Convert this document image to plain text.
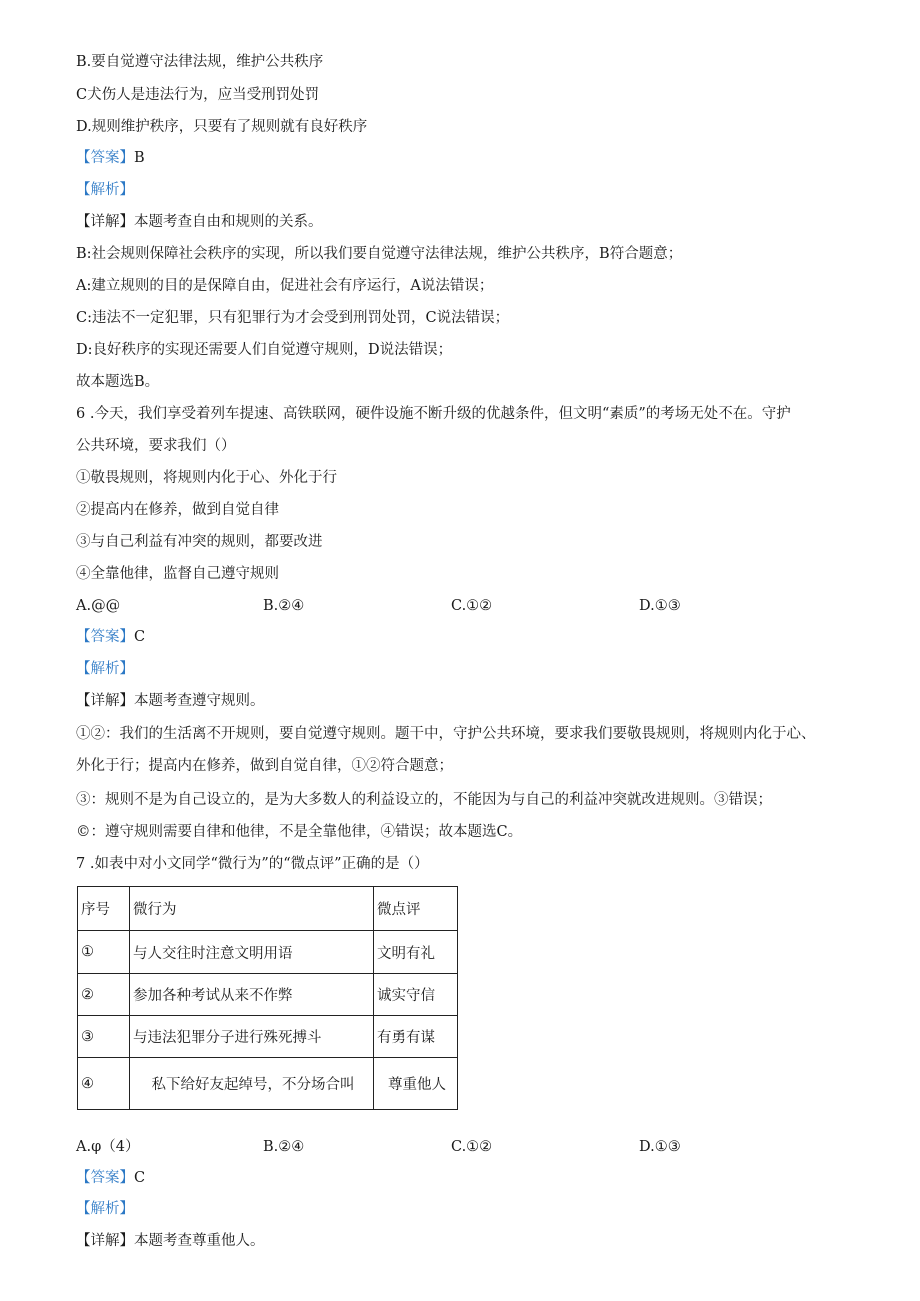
B.要自觉遵守法律法规，维护公共秩序
C犬伤人是违法行为，应当受刑罚处罚
D.规则维护秩序，只要有了规则就有良好秩序
【答案】B
【解析】
【详解】本题考查自由和规则的关系。
B:社会规则保障社会秩序的实现，所以我们要自觉遵守法律法规，维护公共秩序，B符合题意；
A:建立规则的目的是保障自由，促进社会有序运行，A说法错误；
C:违法不一定犯罪，只有犯罪行为才会受到刑罚处罚，C说法错误；
D:良好秩序的实现还需要人们自觉遵守规则，D说法错误；
故本题选B。
6 .今天，我们享受着列车提速、高铁联网，硬件设施不断升级的优越条件，但文明“素质”的考场无处不在。守护
公共环境，要求我们（）
①敬畏规则，将规则内化于心、外化于行
②提高内在修养，做到自觉自律
③与自己利益有冲突的规则，都要改进
④全靠他律，监督自己遵守规则
A.@@	B.②④	C.①②	D.①③
【答案】C
【解析】
【详解】本题考查遵守规则。
①②：我们的生活离不开规则，要自觉遵守规则。题干中，守护公共环境，要求我们要敬畏规则，将规则内化于心、
外化于行；提高内在修养，做到自觉自律，①②符合题意；
③：规则不是为自己设立的，是为大多数人的利益设立的，不能因为与自己的利益冲突就改进规则。③错误；
©：遵守规则需要自律和他律，不是全靠他律，④错误；故本题选C。
7 .如表中对小文同学“微行为”的“微点评”正确的是（）
序号	微行为	微点评
①	与人交往时注意文明用语	文明有礼
②	参加各种考试从来不作弊	诚实守信
③	与违法犯罪分子进行殊死搏斗	有勇有谋
④	私下给好友起绰号，不分场合叫	尊重他人
A.φ（4）	B.②④	C.①②	D.①③
【答案】C
【解析】
【详解】本题考查尊重他人。
